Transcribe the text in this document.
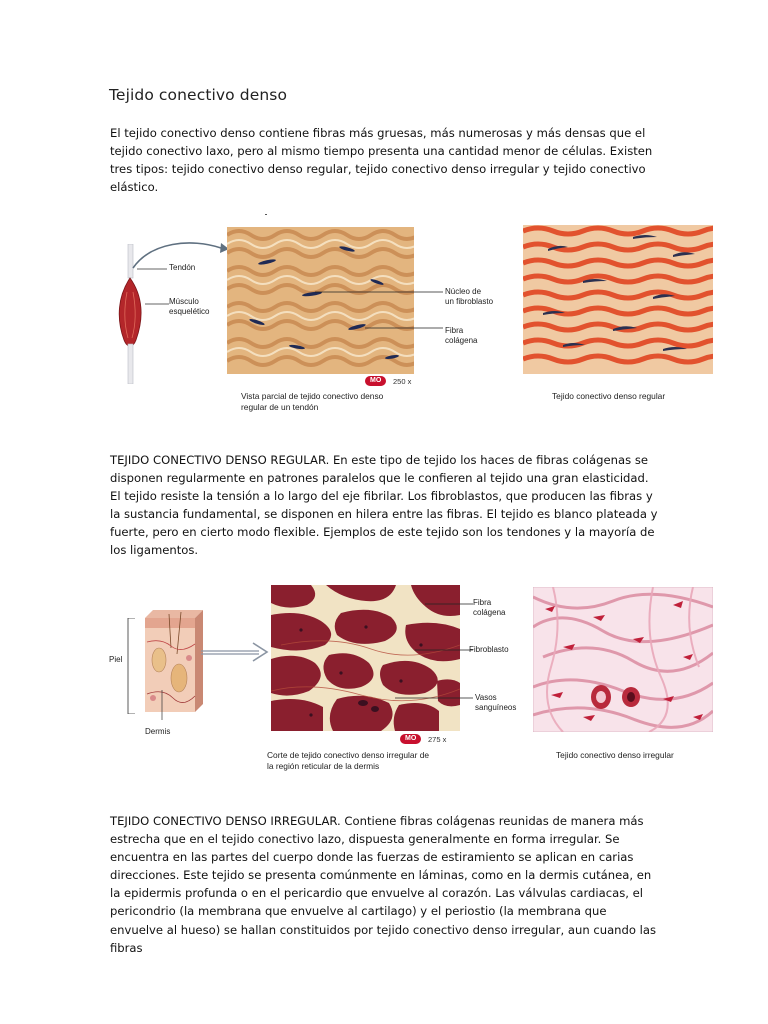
Tejido conectivo denso
El tejido conectivo denso contiene fibras más gruesas, más numerosas y más densas que el tejido conectivo laxo, pero al mismo tiempo presenta una cantidad menor de células. Existen tres tipos: tejido conectivo denso regular, tejido conectivo denso irregular y tejido conectivo elástico.
Tendón
Músculo
esquelético
Núcleo de
un fibroblasto
Fibra
colágena
MO	250 x
Vista parcial de tejido conectivo denso
regular de un tendón
Tejido conectivo denso regular
TEJIDO CONECTIVO DENSO REGULAR. En este tipo de tejido los haces de fibras colágenas se disponen regularmente en patrones paralelos que le confieren al tejido una gran elasticidad. El tejido resiste la tensión a lo largo del eje fibrilar. Los fibroblastos, que producen las fibras y la sustancia fundamental, se disponen en hilera entre las fibras. El tejido es blanco plateada y fuerte, pero en cierto modo flexible. Ejemplos de este tejido son los tendones y la mayoría de los ligamentos.
Piel
Dermis
Fibra
colágena
Fibroblasto
Vasos
sanguíneos
MO	275 x
Corte de tejido conectivo denso irregular de
la región reticular de la dermis
Tejido conectivo denso irregular
TEJIDO CONECTIVO DENSO IRREGULAR. Contiene fibras colágenas reunidas de manera más estrecha que en el tejido conectivo lazo, dispuesta generalmente en forma irregular. Se encuentra en las partes del cuerpo donde las fuerzas de estiramiento se aplican en carias direcciones. Este tejido se presenta comúnmente en láminas, como en la dermis cutánea, en la epidermis profunda o en el pericardio que envuelve al corazón. Las válvulas cardiacas, el pericondrio (la membrana que envuelve al cartilago) y el periostio (la membrana que envuelve al hueso) se hallan constituidos por tejido conectivo denso irregular, aun cuando las fibras
